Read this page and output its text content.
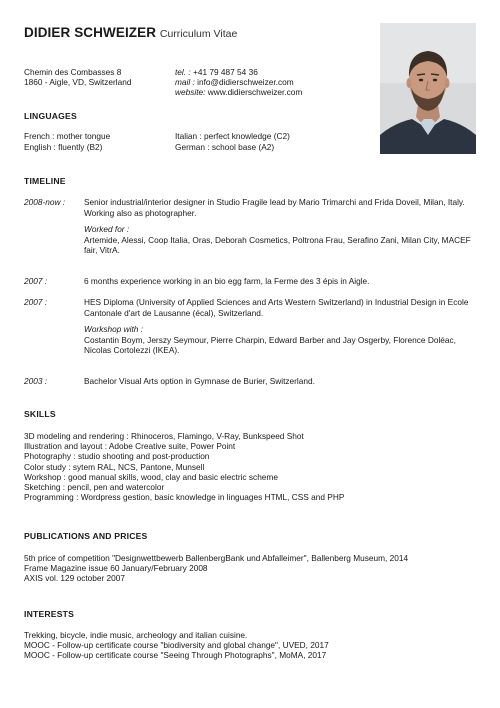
DIDIER SCHWEIZER Curriculum Vitae
Chemin des Combasses 8
1860 - Aigle, VD, Switzerland
tel. : +41 79 487 54 36
mail : info@didierschweizer.com
website: www.didierschweizer.com
LINGUAGES
French : mother tongue
English : fluently (B2)
Italian : perfect knowledge (C2)
German : school base (A2)
TIMELINE
2008-now : Senior industrial/interior designer in Studio Fragile lead by Mario Trimarchi and Frida Doveil, Milan, Italy. Working also as photographer.

Worked for :

Artemide, Alessi, Coop Italia, Oras, Deborah Cosmetics, Poltrona Frau, Serafino Zani, Milan City, MACEF fair, VitrA.

2007 :	6 months experience working in an bio egg farm, la Ferme des 3 épis in Aigle.

2007 :	HES Diploma (University of Applied Sciences and Arts Western Switzerland) in Industrial Design in Ecole Cantonale d'art de Lausanne (écal), Switzerland.

Workshop with :

Costantin Boym, Jerszy Seymour, Pierre Charpin, Edward Barber and Jay Osgerby, Florence Doléac, Nicolas Cortolezzi (IKEA).

2003 :	Bachelor Visual Arts option in Gymnase de Burier, Switzerland.

SKILLS
3D modeling and rendering : Rhinoceros, Flamingo, V-Ray, Bunkspeed Shot
Illustration and layout : Adobe Creative suite, Power Point
Photography : studio shooting and post-production
Color study : sytem RAL, NCS, Pantone, Munsell
Workshop : good manual skills, wood, clay and basic electric scheme
Sketching : pencil, pen and watercolor
Programming : Wordpress gestion, basic knowledge in linguages HTML, CSS and PHP
PUBLICATIONS AND PRICES
5th price of competition "Designwettbewerb BallenbergBank und Abfalleimer", Ballenberg Museum, 2014
Frame Magazine issue 60 January/February 2008
AXIS vol. 129 october 2007
INTERESTS
Trekking, bicycle, indie music, archeology and italian cuisine.
MOOC - Follow-up certificate course "biodiversity and global change", UVED, 2017
MOOC - Follow-up certificate course "Seeing Through Photographs", MoMA, 2017
